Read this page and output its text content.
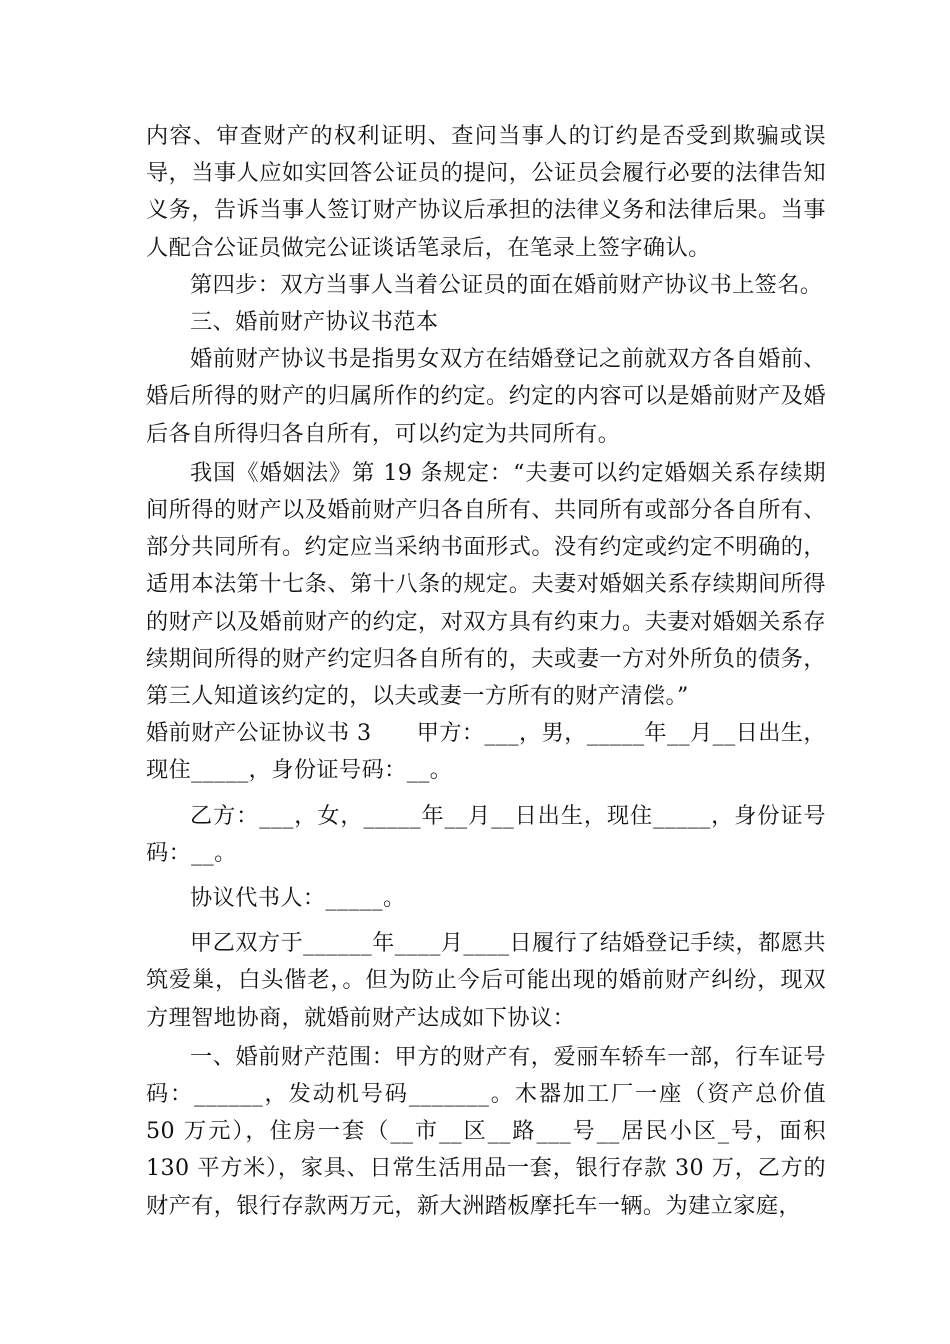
内容、审查财产的权利证明、查问当事人的订约是否受到欺骗或误导，当事人应如实回答公证员的提问，公证员会履行必要的法律告知义务，告诉当事人签订财产协议后承担的法律义务和法律后果。当事人配合公证员做完公证谈话笔录后，在笔录上签字确认。

第四步：双方当事人当着公证员的面在婚前财产协议书上签名。

三、婚前财产协议书范本

婚前财产协议书是指男女双方在结婚登记之前就双方各自婚前、婚后所得的财产的归属所作的约定。约定的内容可以是婚前财产及婚后各自所得归各自所有，可以约定为共同所有。

我国《婚姻法》第 19 条规定：“夫妻可以约定婚姻关系存续期间所得的财产以及婚前财产归各自所有、共同所有或部分各自所有、部分共同所有。约定应当采纳书面形式。没有约定或约定不明确的，适用本法第十七条、第十八条的规定。夫妻对婚姻关系存续期间所得的财产以及婚前财产的约定，对双方具有约束力。夫妻对婚姻关系存续期间所得的财产约定归各自所有的，夫或妻一方对外所负的债务，第三人知道该约定的，以夫或妻一方所有的财产清偿。”

婚前财产公证协议书 3　　甲方：___，男，_____年__月__日出生，现住_____，身份证号码：__。

乙方：___，女，_____年__月__日出生，现住_____，身份证号码：__。

协议代书人：_____。

甲乙双方于______年____月____日履行了结婚登记手续，都愿共筑爱巢，白头偕老，。但为防止今后可能出现的婚前财产纠纷，现双方理智地协商，就婚前财产达成如下协议：

一、婚前财产范围：甲方的财产有，爱丽车轿车一部，行车证号码：______，发动机号码_______。木器加工厂一座（资产总价值 50 万元），住房一套（__市__区__路___号__居民小区_号，面积 130 平方米），家具、日常生活用品一套，银行存款 30 万，乙方的财产有，银行存款两万元，新大洲踏板摩托车一辆。为建立家庭，
